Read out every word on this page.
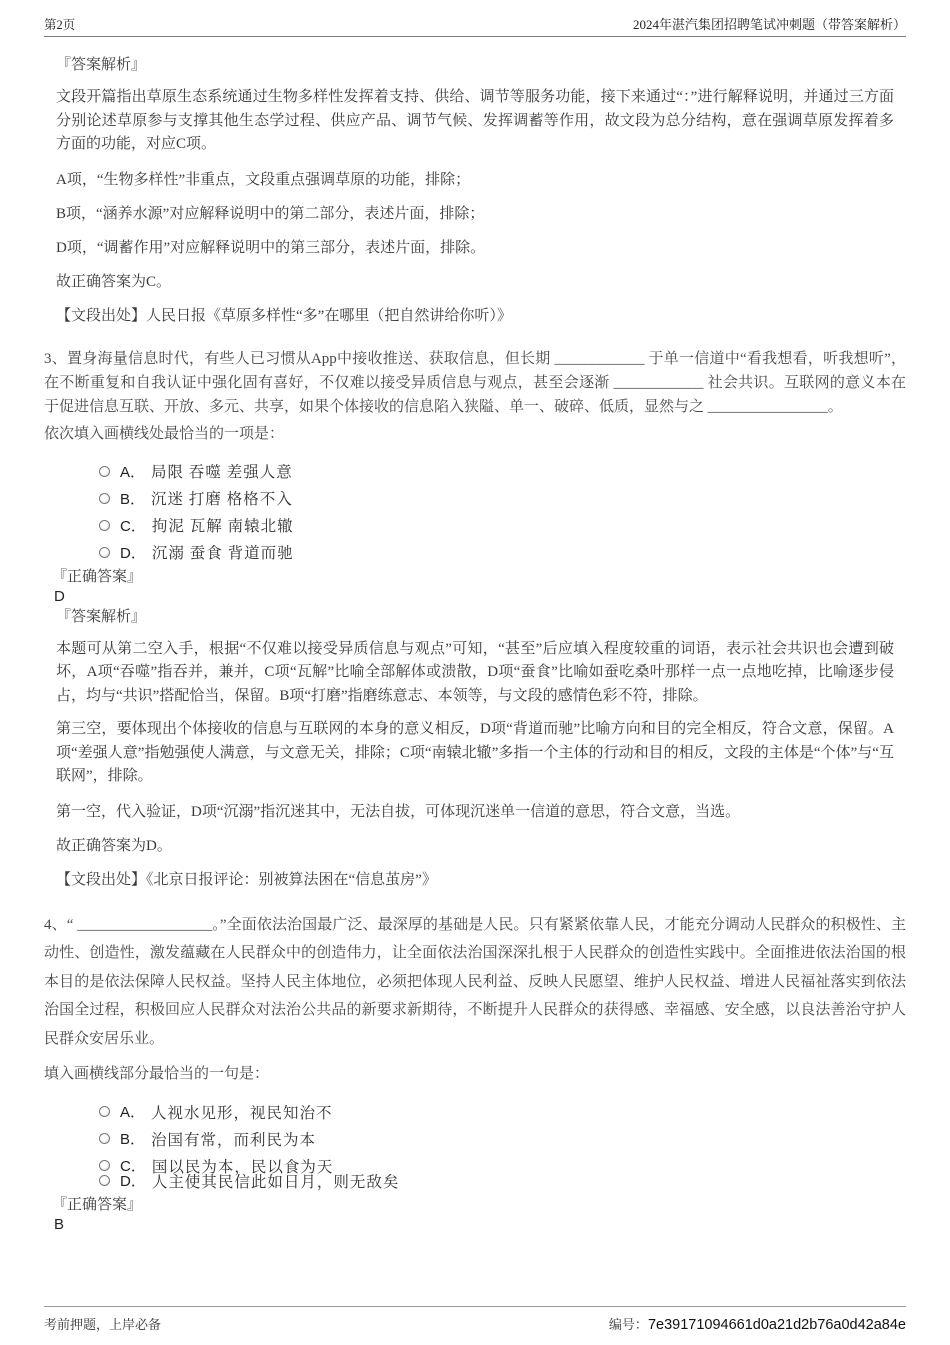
第2页	2024年湛汽集团招聘笔试冲刺题（带答案解析）
『答案解析』

文段开篇指出草原生态系统通过生物多样性发挥着支持、供给、调节等服务功能，接下来通过“：”进行解释说明，并通过三方面分别论述草原参与支撑其他生态学过程、供应产品、调节气候、发挥调蓄等作用，故文段为总分结构，意在强调草原发挥着多方面的功能，对应C项。

A项，“生物多样性”非重点，文段重点强调草原的功能，排除；

B项，“涵养水源”对应解释说明中的第二部分，表述片面，排除；

D项，“调蓄作用”对应解释说明中的第三部分，表述片面，排除。

故正确答案为C。

【文段出处】人民日报《草原多样性“多”在哪里（把自然讲给你听）》

3、置身海量信息时代，有些人已习惯从App中接收推送、获取信息，但长期 ____________ 于单一信道中“看我想看，听我想听”，在不断重复和自我认证中强化固有喜好，不仅难以接受异质信息与观点，甚至会逐渐 ____________ 社会共识。互联网的意义本在于促进信息互联、开放、多元、共享，如果个体接收的信息陷入狭隘、单一、破碎、低质，显然与之 ________________。

依次填入画横线处最恰当的一项是：

A． 局限 吞噬 差强人意
B． 沉迷 打磨 格格不入
C． 拘泥 瓦解 南辕北辙
D． 沉溺 蚕食 背道而驰
『正确答案』
D
『答案解析』

本题可从第二空入手，根据“不仅难以接受异质信息与观点”可知，“甚至”后应填入程度较重的词语，表示社会共识也会遭到破坏，A项“吞噬”指吞并，兼并，C项“瓦解”比喻全部解体或溃散，D项“蚕食”比喻如蚕吃桑叶那样一点一点地吃掉，比喻逐步侵占，均与“共识”搭配恰当，保留。B项“打磨”指磨练意志、本领等，与文段的感情色彩不符，排除。

第三空，要体现出个体接收的信息与互联网的本身的意义相反，D项“背道而驰”比喻方向和目的完全相反，符合文意，保留。A项“差强人意”指勉强使人满意，与文意无关，排除；C项“南辕北辙”多指一个主体的行动和目的相反，文段的主体是“个体”与“互联网”，排除。

第一空，代入验证，D项“沉溺”指沉迷其中，无法自拔，可体现沉迷单一信道的意思，符合文意，当选。

故正确答案为D。

【文段出处】《北京日报评论：别被算法困在“信息茧房”》

4、“ __________________。”全面依法治国最广泛、最深厚的基础是人民。只有紧紧依靠人民，才能充分调动人民群众的积极性、主动性、创造性，激发蕴藏在人民群众中的创造伟力，让全面依法治国深深扎根于人民群众的创造性实践中。全面推进依法治国的根本目的是依法保障人民权益。坚持人民主体地位，必须把体现人民利益、反映人民愿望、维护人民权益、增进人民福祉落实到依法治国全过程，积极回应人民群众对法治公共品的新要求新期待，不断提升人民群众的获得感、幸福感、安全感，以良法善治守护人民群众安居乐业。

填入画横线部分最恰当的一句是：

A． 人视水见形，视民知治不
B． 治国有常，而利民为本
C． 国以民为本，民以食为天
D． 人主使其民信此如日月，则无敌矣
『正确答案』
B
考前押题，上岸必备	编号：7e39171094661d0a21d2b76a0d42a84e
